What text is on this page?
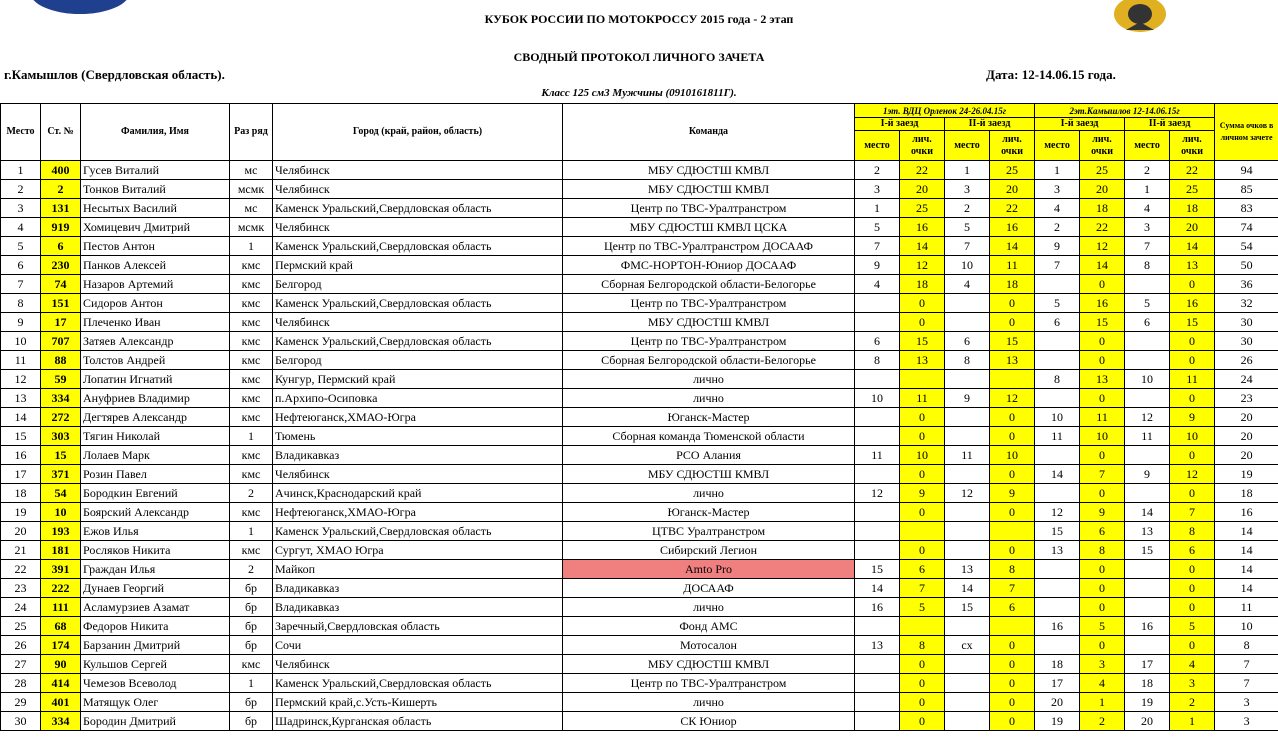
КУБОК РОССИИ ПО МОТОКРОССУ 2015 года - 2 этап
СВОДНЫЙ ПРОТОКОЛ ЛИЧНОГО ЗАЧЕТА
г.Камышлов (Свердловская область).	Дата: 12-14.06.15 года.
Класс 125 см3 Мужчины (0910161811Г).
Место	Ст. №	Фамилия, Имя	Раз ряд	Город (край, район, область)	Команда	1эт. ВДЦ Орленок 24-26.04.15г				2эт.Камышлов 12-14.06.15г				Сумма очков в личном зачете
						I-й заезд		II-й заезд		I-й заезд		II-й заезд		
						место	лич. очки	место	лич. очки	место	лич. очки	место	лич. очки	
1	400	Гусев Виталий	мс	Челябинск	МБУ СДЮСТШ КМВЛ	2	22	1	25	1	25	2	22	94
2	2	Тонков Виталий	мсмк	Челябинск	МБУ СДЮСТШ КМВЛ	3	20	3	20	3	20	1	25	85
3	131	Несытых Василий	мс	Каменск Уральский,Свердловская область	Центр по ТВС-Уралтранстром	1	25	2	22	4	18	4	18	83
4	919	Хомицевич Дмитрий	мсмк	Челябинск	МБУ СДЮСТШ КМВЛ ЦСКА	5	16	5	16	2	22	3	20	74
5	6	Пестов Антон	1	Каменск Уральский,Свердловская область	Центр по ТВС-Уралтранстром ДОСААФ	7	14	7	14	9	12	7	14	54
6	230	Панков Алексей	кмс	Пермский край	ФМС-НОРТОН-Юниор ДОСААФ	9	12	10	11	7	14	8	13	50
7	74	Назаров Артемий	кмс	Белгород	Сборная Белгородской области-Белогорье	4	18	4	18		0		0	36
8	151	Сидоров Антон	кмс	Каменск Уральский,Свердловская область	Центр по ТВС-Уралтранстром		0		0	5	16	5	16	32
9	17	Плеченко Иван	кмс	Челябинск	МБУ СДЮСТШ КМВЛ		0		0	6	15	6	15	30
10	707	Затяев Александр	кмс	Каменск Уральский,Свердловская область	Центр по ТВС-Уралтранстром	6	15	6	15		0		0	30
11	88	Толстов Андрей	кмс	Белгород	Сборная Белгородской области-Белогорье	8	13	8	13		0		0	26
12	59	Лопатин Игнатий	кмс	Кунгур, Пермский край	лично					8	13	10	11	24
13	334	Ануфриев Владимир	кмс	п.Архипо-Осиповка	лично	10	11	9	12		0		0	23
14	272	Дегтярев Александр	кмс	Нефтеюганск,ХМАО-Югра	Юганск-Мастер		0		0	10	11	12	9	20
15	303	Тягин Николай	1	Тюмень	Сборная команда Тюменской области		0		0	11	10	11	10	20
16	15	Лолаев Марк	кмс	Владикавказ	РСО Алания	11	10	11	10		0		0	20
17	371	Розин Павел	кмс	Челябинск	МБУ СДЮСТШ КМВЛ		0		0	14	7	9	12	19
18	54	Бородкин Евгений	2	Ачинск,Краснодарский край	лично	12	9	12	9		0		0	18
19	10	Боярский Александр	кмс	Нефтеюганск,ХМАО-Югра	Юганск-Мастер		0		0	12	9	14	7	16
20	193	Ежов Илья	1	Каменск Уральский,Свердловская область	ЦТВС Уралтранстром					15	6	13	8	14
21	181	Росляков Никита	кмс	Сургут, ХМАО Югра	Сибирский Легион		0		0	13	8	15	6	14
22	391	Граждан Илья	2	Майкоп	Amto Pro	15	6	13	8		0		0	14
23	222	Дунаев Георгий	бр	Владикавказ	ДОСААФ	14	7	14	7		0		0	14
24	111	Асламурзиев Азамат	бр	Владикавказ	лично	16	5	15	6		0		0	11
25	68	Федоров Никита	бр	Заречный,Свердловская область	Фонд АМС					16	5	16	5	10
26	174	Барзанин Дмитрий	бр	Сочи	Мотосалон	13	8	сх	0		0		0	8
27	90	Кульшов Сергей	кмс	Челябинск	МБУ СДЮСТШ КМВЛ		0		0	18	3	17	4	7
28	414	Чемезов Всеволод	1	Каменск Уральский,Свердловская область	Центр по ТВС-Уралтранстром		0		0	17	4	18	3	7
29	401	Матящук Олег	бр	Пермский край,с.Усть-Кишерть	лично		0		0	20	1	19	2	3
30	334	Бородин Дмитрий	бр	Шадринск,Курганская область	СК Юниор		0		0	19	2	20	1	3
